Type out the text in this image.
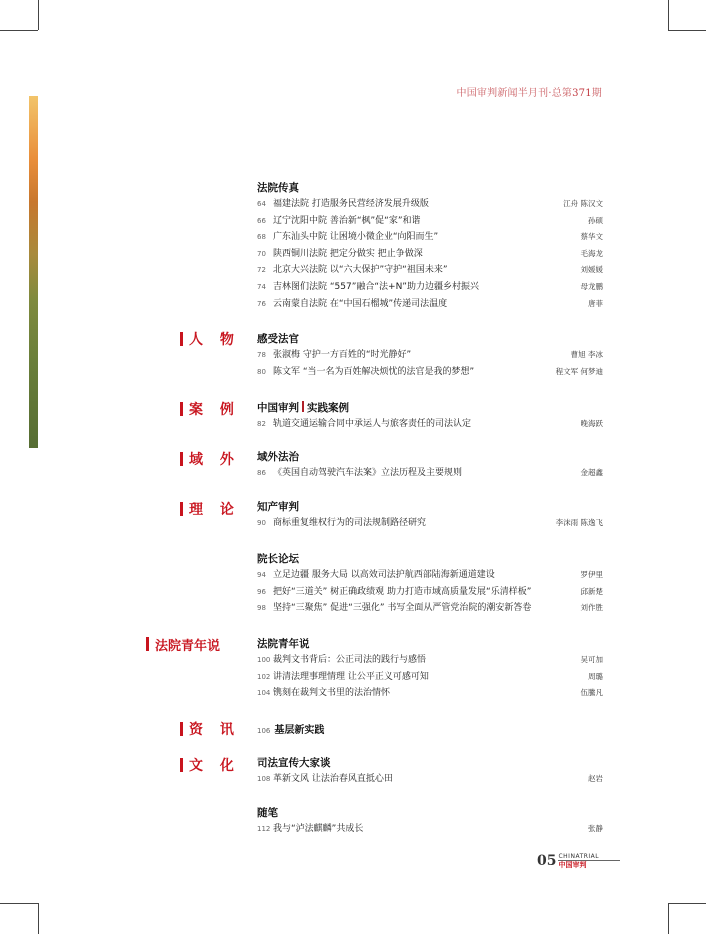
中国审判新闻半月刊·总第371期
人 物
案 例
域 外
理 论
法院青年说
资 讯
文 化
法院传真
64 福建法院 打造服务民营经济发展升级版	江舟 陈汉文
66 辽宁沈阳中院 善治新“枫”促“家”和谐	孙硕
68 广东汕头中院 让困境小微企业“向阳而生”	蔡华文
70 陕西铜川法院 把定分做实 把止争做深	毛海龙
72 北京大兴法院 以“六大保护”守护“祖国未来”	刘媛媛
74 吉林图们法院 “557”融合“法+N”助力边疆乡村振兴	母龙鹏
76 云南蒙自法院 在“中国石榴城”传递司法温度	唐菲
感受法官
78 张淑梅 守护一方百姓的“时光静好”	曹旭 李冰
80 陈文军 “当一名为百姓解决烦忧的法官是我的梦想”	程文军 何梦迪
中国审判 实践案例
82 轨道交通运输合同中承运人与旅客责任的司法认定	晚海跃
域外法治
86 《英国自动驾驶汽车法案》立法历程及主要规则	金超鑫
知产审判
90 商标重复维权行为的司法规制路径研究	李沫雨 陈逸飞
院长论坛
94 立足边疆 服务大局 以高效司法护航西部陆海新通道建设	罗伊里
96 把好“三道关” 树正确政绩观 助力打造市域高质量发展“乐清样板”	邱新楚
98 坚持“三聚焦” 促进“三强化” 书写全面从严管党治院的潮安新答卷	刘作胜
法院青年说
100 裁判文书背后：公正司法的践行与感悟	吴可加
102 讲清法理事理情理 让公平正义可感可知	周璐
104 镌刻在裁判文书里的法治情怀	伍騰凡
106 基层新实践
司法宣传大家谈
108 革新文风 让法治春风直抵心田	赵岩
随笔
112 我与“泸法麒麟”共成长	张静
05 CHINATRIAL
中国审判
